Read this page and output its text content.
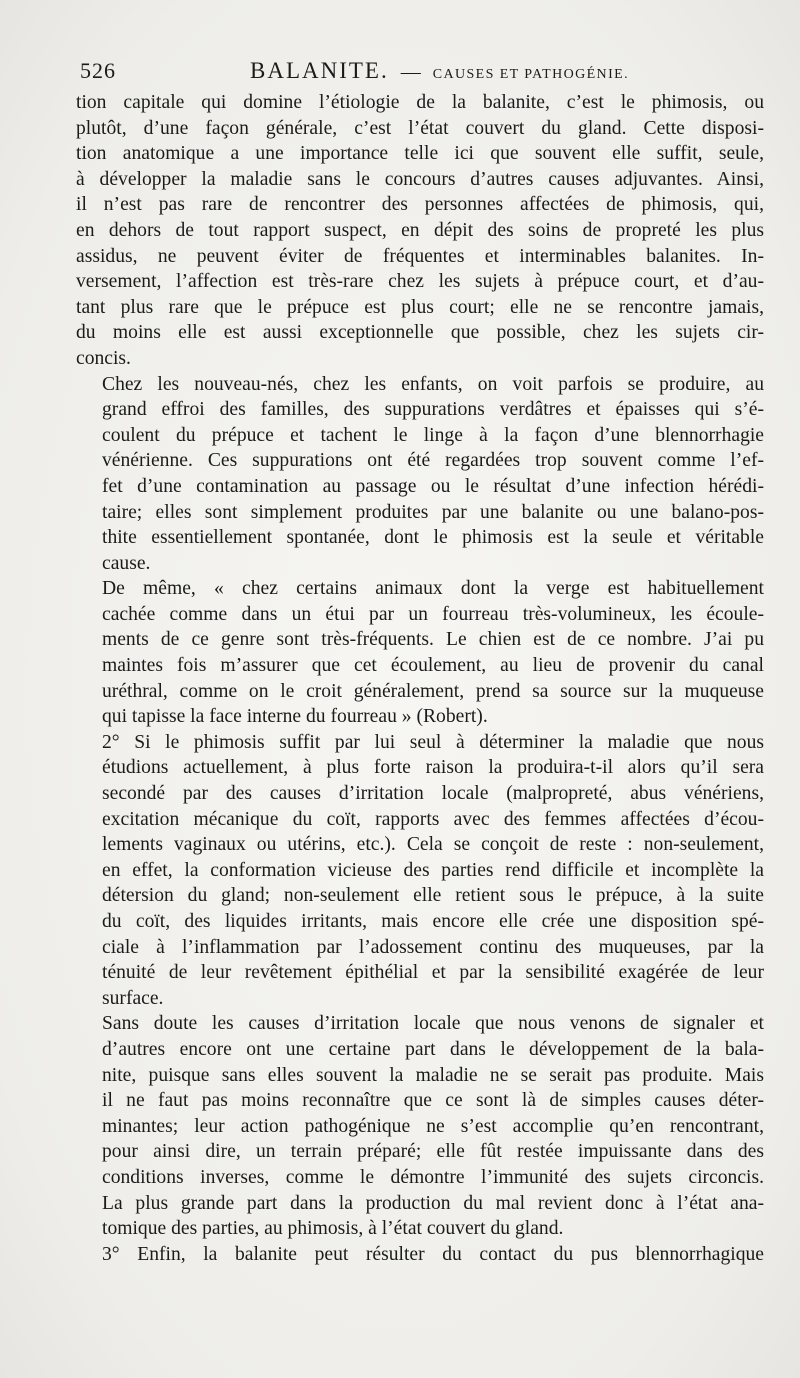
526	BALANITE. — CAUSES ET PATHOGÉNIE.

tion capitale qui domine l’étiologie de la balanite, c’est le phimosis, ou
plutôt, d’une façon générale, c’est l’état couvert du gland. Cette disposi-
tion anatomique a une importance telle ici que souvent elle suffit, seule,
à développer la maladie sans le concours d’autres causes adjuvantes. Ainsi,
il n’est pas rare de rencontrer des personnes affectées de phimosis, qui,
en dehors de tout rapport suspect, en dépit des soins de propreté les plus
assidus, ne peuvent éviter de fréquentes et interminables balanites. In-
versement, l’affection est très-rare chez les sujets à prépuce court, et d’au-
tant plus rare que le prépuce est plus court; elle ne se rencontre jamais,
du moins elle est aussi exceptionnelle que possible, chez les sujets cir-
concis.

Chez les nouveau-nés, chez les enfants, on voit parfois se produire, au
grand effroi des familles, des suppurations verdâtres et épaisses qui s’é-
coulent du prépuce et tachent le linge à la façon d’une blennorrhagie
vénérienne. Ces suppurations ont été regardées trop souvent comme l’ef-
fet d’une contamination au passage ou le résultat d’une infection hérédi-
taire; elles sont simplement produites par une balanite ou une balano-pos-
thite essentiellement spontanée, dont le phimosis est la seule et véritable
cause.

De même, « chez certains animaux dont la verge est habituellement
cachée comme dans un étui par un fourreau très-volumineux, les écoule-
ments de ce genre sont très-fréquents. Le chien est de ce nombre. J’ai pu
maintes fois m’assurer que cet écoulement, au lieu de provenir du canal
uréthral, comme on le croit généralement, prend sa source sur la muqueuse
qui tapisse la face interne du fourreau » (Robert).

2° Si le phimosis suffit par lui seul à déterminer la maladie que nous
étudions actuellement, à plus forte raison la produira-t-il alors qu’il sera
secondé par des causes d’irritation locale (malpropreté, abus vénériens,
excitation mécanique du coït, rapports avec des femmes affectées d’écou-
lements vaginaux ou utérins, etc.). Cela se conçoit de reste : non-seulement,
en effet, la conformation vicieuse des parties rend difficile et incomplète la
détersion du gland; non-seulement elle retient sous le prépuce, à la suite
du coït, des liquides irritants, mais encore elle crée une disposition spé-
ciale à l’inflammation par l’adossement continu des muqueuses, par la
ténuité de leur revêtement épithélial et par la sensibilité exagérée de leur
surface.

Sans doute les causes d’irritation locale que nous venons de signaler et
d’autres encore ont une certaine part dans le développement de la bala-
nite, puisque sans elles souvent la maladie ne se serait pas produite. Mais
il ne faut pas moins reconnaître que ce sont là de simples causes déter-
minantes; leur action pathogénique ne s’est accomplie qu’en rencontrant,
pour ainsi dire, un terrain préparé; elle fût restée impuissante dans des
conditions inverses, comme le démontre l’immunité des sujets circoncis.
La plus grande part dans la production du mal revient donc à l’état ana-
tomique des parties, au phimosis, à l’état couvert du gland.

3° Enfin, la balanite peut résulter du contact du pus blennorrhagique
